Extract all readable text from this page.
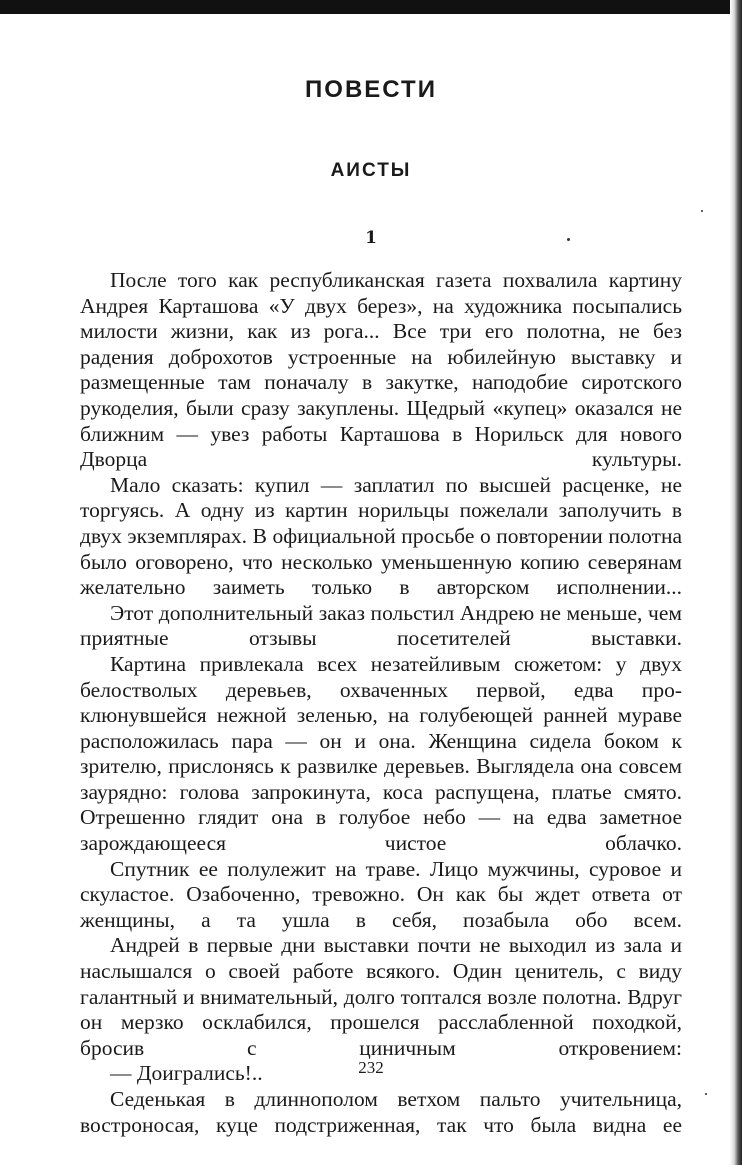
ПОВЕСТИ
АИСТЫ
1

После того как республиканская газета похвалила картину Андрея Карташова «У двух берез», на художника посыпались милости жизни, как из рога... Все три его полотна, не без радения доброхотов устроенные на юбилейную выставку и размещенные там поначалу в закутке, наподобие сиротского рукоделия, были сразу закуплены. Щедрый «купец» оказался не ближним — увез работы Карташова в Норильск для нового Дворца культуры.

Мало сказать: купил — заплатил по высшей расценке, не торгуясь. А одну из картин норильцы пожелали заполучить в двух экземплярах. В официальной просьбе о повторении полотна было оговорено, что несколько уменьшенную копию северянам желательно заиметь только в авторском исполнении...

Этот дополнительный заказ польстил Андрею не меньше, чем приятные отзывы посетителей выставки.

Картина привлекала всех незатейливым сюжетом: у двух белостволых деревьев, охваченных первой, едва проклюнувшейся нежной зеленью, на голубеющей ранней мураве расположилась пара — он и она. Женщина сидела боком к зрителю, прислонясь к развилке деревьев. Выглядела она совсем заурядно: голова запрокинута, коса распущена, платье смято. Отрешенно глядит она в голубое небо — на едва заметное зарождающееся чистое облачко.

Спутник ее полулежит на траве. Лицо мужчины, суровое и скуластое. Озабоченно, тревожно. Он как бы ждет ответа от женщины, а та ушла в себя, позабыла обо всем.

Андрей в первые дни выставки почти не выходил из зала и наслышался о своей работе всякого. Один ценитель, с виду галантный и внимательный, долго топтался возле полотна. Вдруг он мерзко осклабился, прошелся расслабленной походкой, бросив с циничным откровением:

— Доигрались!..

Седенькая в длиннополом ветхом пальто учительница, востроносая, куце подстриженная, так что была видна ее

232
